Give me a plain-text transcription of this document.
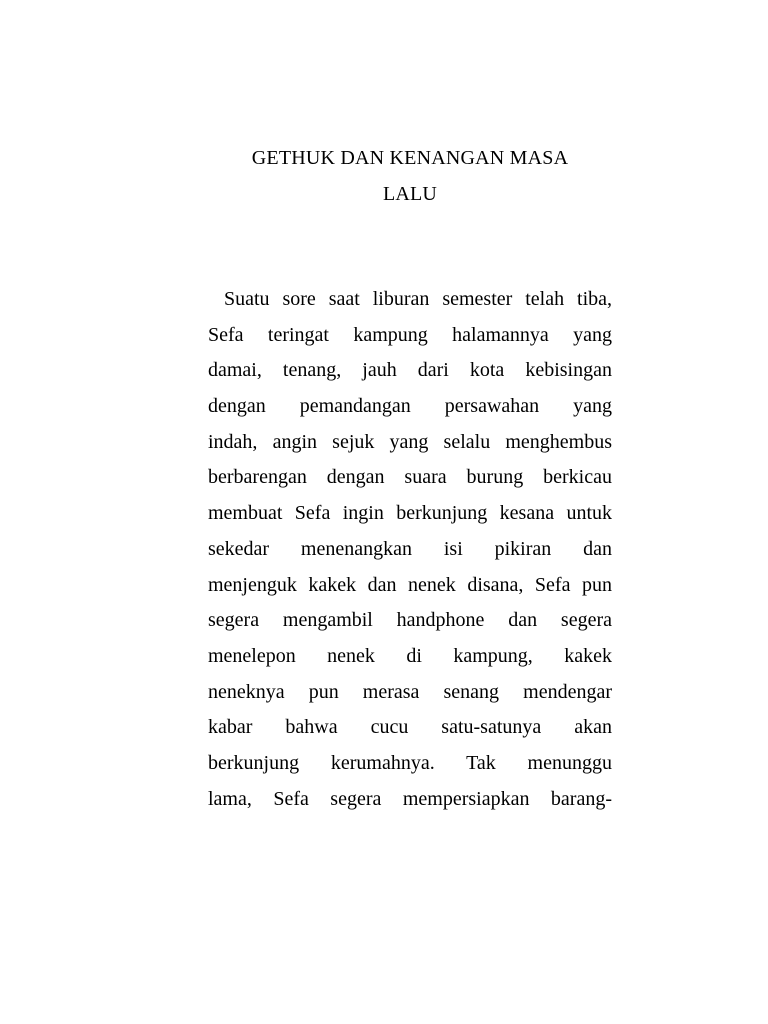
GETHUK DAN KENANGAN MASA
LALU
Suatu sore saat liburan semester telah tiba,
Sefa teringat kampung halamannya yang
damai, tenang, jauh dari kota kebisingan
dengan pemandangan persawahan yang
indah, angin sejuk yang selalu menghembus
berbarengan dengan suara burung berkicau
membuat Sefa ingin berkunjung kesana untuk
sekedar menenangkan isi pikiran dan
menjenguk kakek dan nenek disana, Sefa pun
segera mengambil handphone dan segera
menelepon nenek di kampung, kakek
neneknya pun merasa senang mendengar
kabar bahwa cucu satu-satunya akan
berkunjung kerumahnya. Tak menunggu
lama, Sefa segera mempersiapkan barang-
